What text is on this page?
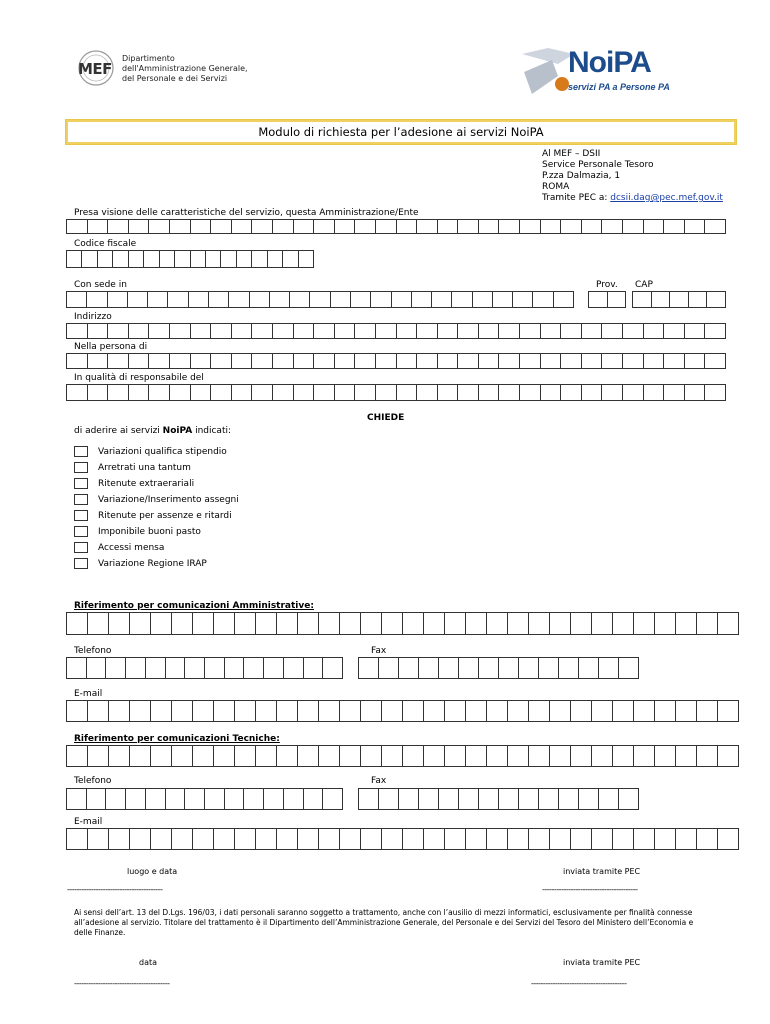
MEF
Dipartimento
dell'Amministrazione Generale,
del Personale e dei Servizi	NoiPA
servizi PA a Persone PA
Modulo di richiesta per l’adesione ai servizi NoiPA
Al MEF – DSII
Service Personale Tesoro
P.zza Dalmazia, 1
ROMA
Tramite PEC a: dcsii.dag@pec.mef.gov.it
Presa visione delle caratteristiche del servizio, questa Amministrazione/Ente
Codice fiscale
Con sede in	Prov. CAP
Indirizzo
Nella persona di
In qualità di responsabile del
CHIEDE
di aderire ai servizi NoiPA indicati:
Variazioni qualifica stipendio
Arretrati una tantum
Ritenute extraerariali
Variazione/Inserimento assegni
Ritenute per assenze e ritardi
Imponibile buoni pasto
Accessi mensa
Variazione Regione IRAP
Riferimento per comunicazioni Amministrative:
Telefono	Fax
E-mail
Riferimento per comunicazioni Tecniche:
Telefono	Fax
E-mail
luogo e data	inviata tramite PEC
----------------------------------------	----------------------------------------
Ai sensi dell’art. 13 del D.Lgs. 196/03, i dati personali saranno soggetto a trattamento, anche con l’ausilio di mezzi informatici, esclusivamente per finalità connesse all’adesione al servizio. Titolare del trattamento è il Dipartimento dell’Amministrazione Generale, del Personale e dei Servizi del Tesoro del Ministero dell’Economia e delle Finanze.
data	inviata tramite PEC
----------------------------------------	----------------------------------------
